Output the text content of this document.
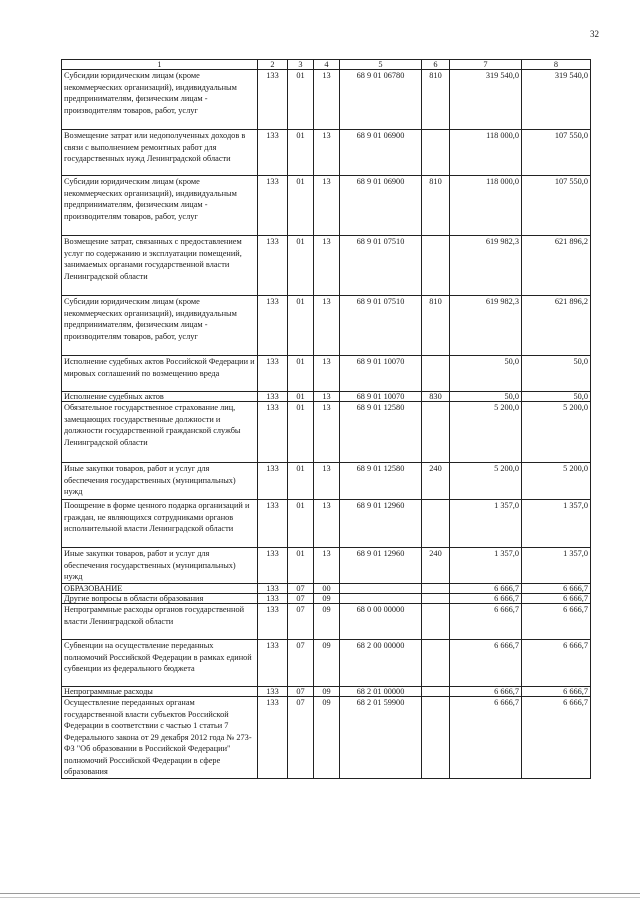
32
1	2	3	4	5	6	7	8
Субсидии юридическим лицам (кроме некоммерческих организаций), индивидуальным предпринимателям, физическим лицам - производителям товаров, работ, услуг	133	01	13	68 9 01 06780	810	319 540,0	319 540,0
Возмещение затрат или недополученных доходов в связи с выполнением ремонтных работ для государственных нужд Ленинградской области	133	01	13	68 9 01 06900		118 000,0	107 550,0
Субсидии юридическим лицам (кроме некоммерческих организаций), индивидуальным предпринимателям, физическим лицам - производителям товаров, работ, услуг	133	01	13	68 9 01 06900	810	118 000,0	107 550,0
Возмещение затрат, связанных с предоставлением услуг по содержанию и эксплуатации помещений, занимаемых органами государственной власти Ленинградской области	133	01	13	68 9 01 07510		619 982,3	621 896,2
Субсидии юридическим лицам (кроме некоммерческих организаций), индивидуальным предпринимателям, физическим лицам - производителям товаров, работ, услуг	133	01	13	68 9 01 07510	810	619 982,3	621 896,2
Исполнение судебных актов Российской Федерации и мировых соглашений по возмещению вреда	133	01	13	68 9 01 10070		50,0	50,0
Исполнение судебных актов	133	01	13	68 9 01 10070	830	50,0	50,0
Обязательное государственное страхование лиц, замещающих государственные должности и должности государственной гражданской службы Ленинградской области	133	01	13	68 9 01 12580		5 200,0	5 200,0
Иные закупки товаров, работ и услуг для обеспечения государственных (муниципальных) нужд	133	01	13	68 9 01 12580	240	5 200,0	5 200,0
Поощрение в форме ценного подарка организаций и граждан, не являющихся сотрудниками органов исполнительной власти Ленинградской области	133	01	13	68 9 01 12960		1 357,0	1 357,0
Иные закупки товаров, работ и услуг для обеспечения государственных (муниципальных) нужд	133	01	13	68 9 01 12960	240	1 357,0	1 357,0
ОБРАЗОВАНИЕ	133	07	00			6 666,7	6 666,7
Другие вопросы в области образования	133	07	09			6 666,7	6 666,7
Непрограммные расходы органов государственной власти Ленинградской области	133	07	09	68 0 00 00000		6 666,7	6 666,7
Субвенции на осуществление переданных полномочий Российской Федерации в рамках единой субвенции из федерального бюджета	133	07	09	68 2 00 00000		6 666,7	6 666,7
Непрограммные расходы	133	07	09	68 2 01 00000		6 666,7	6 666,7
Осуществление переданных органам государственной власти субъектов Российской Федерации в соответствии с частью 1 статьи 7 Федерального закона от 29 декабря 2012 года № 273-ФЗ "Об образовании в Российской Федерации" полномочий Российской Федерации в сфере образования	133	07	09	68 2 01 59900		6 666,7	6 666,7
